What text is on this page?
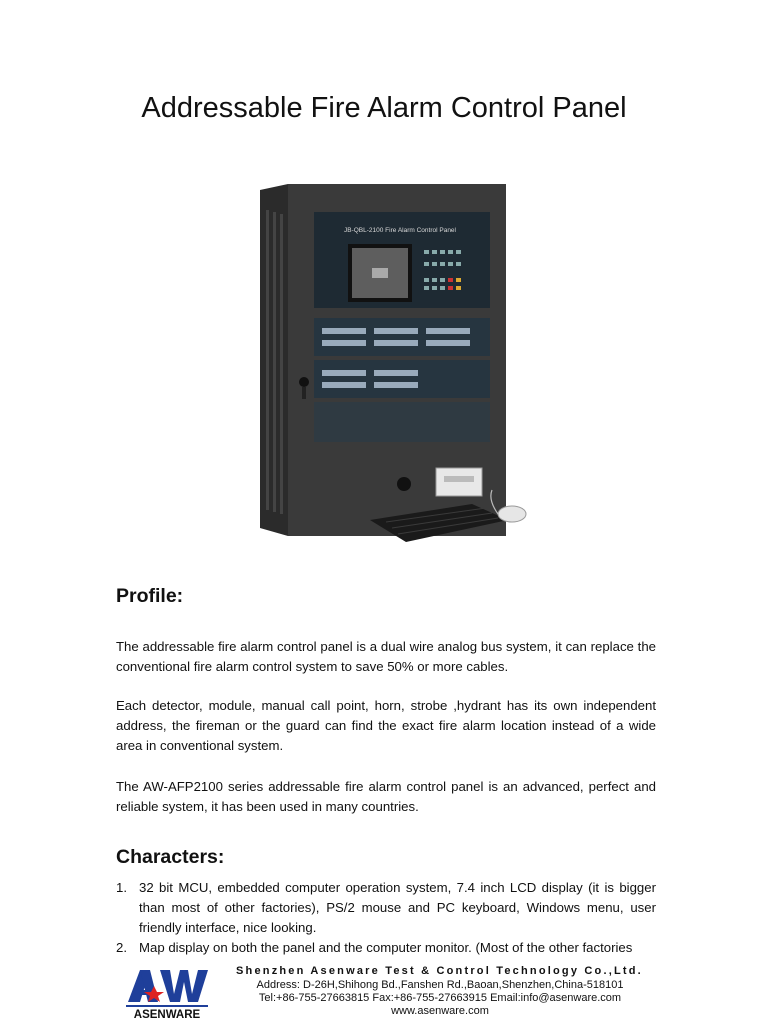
Addressable Fire Alarm Control Panel
JB-QBL-2100 Fire Alarm Control Panel
Profile:
The addressable fire alarm control panel is a dual wire analog bus system, it can replace the conventional fire alarm control system to save 50% or more cables.
Each detector, module, manual call point, horn, strobe ,hydrant has its own independent address, the fireman or the guard can find the exact fire alarm location instead of a wide area in conventional system.
The AW-AFP2100 series addressable fire alarm control panel is an advanced, perfect and reliable system, it has been used in many countries.
Characters:
1. 32 bit MCU, embedded computer operation system, 7.4 inch LCD display (it is bigger than most of other factories), PS/2 mouse and PC keyboard, Windows menu, user friendly interface, nice looking.
2. Map display on both the panel and the computer monitor. (Most of the other factories
ASENWARE
Shenzhen Asenware Test & Control Technology Co.,Ltd.
Address: D-26H,Shihong Bd.,Fanshen Rd.,Baoan,Shenzhen,China-518101
Tel:+86-755-27663815 Fax:+86-755-27663915 Email:info@asenware.com
www.asenware.com
